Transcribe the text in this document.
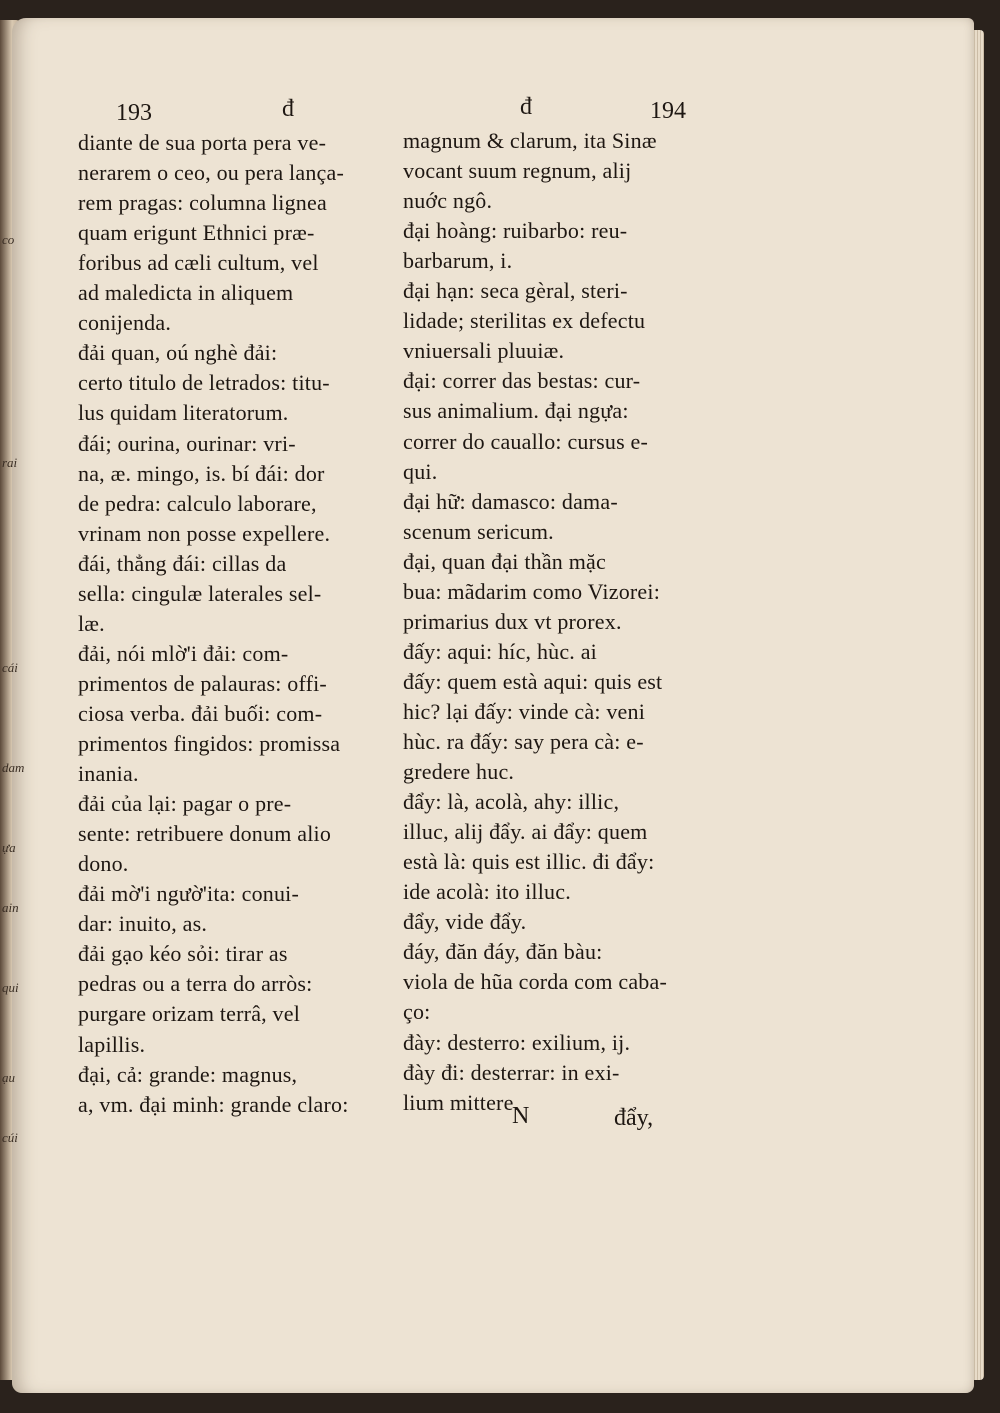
co
rai
cái
dam
ựa
ain
qui
ạu
cúi
193	đ	đ	194
N	đẩy,
diante de sua porta pera ve-
nerarem o ceo, ou pera lança-
rem pragas: columna lignea
quam erigunt Ethnici præ-
foribus ad cæli cultum, vel
ad maledicta in aliquem
conijenda.
đải quan, oú nghè đải:
certo titulo de letrados: titu-
lus quidam literatorum.
đái; ourina, ourinar: vri-
na, æ. mingo, is. bí đái: dor
de pedra: calculo laborare,
vrinam non posse expellere.
đái, thẳng đái: cillas da
sella: cingulæ laterales sel-
læ.
đải, nói mlờ'i đải: com-
primentos de palauras: offi-
ciosa verba. đải buối: com-
primentos fingidos: promissa
inania.
đải của lại: pagar o pre-
sente: retribuere donum alio
dono.
đải mờ'i ngườ'ita: conui-
dar: inuito, as.
đải gạo kéo sỏi: tirar as
pedras ou a terra do arròs:
purgare orizam terrâ, vel
lapillis.
đại, cả: grande: magnus,
a, vm. đại minh: grande claro:
magnum & clarum, ita Sinæ
vocant suum regnum, alij
nuớc ngô.
đại hoàng: ruibarbo: reu-
barbarum, i.
đại hạn: seca gèral, steri-
lidade; sterilitas ex defectu
vniuersali pluuiæ.
đại: correr das bestas: cur-
sus animalium. đại ngựa:
correr do cauallo: cursus e-
qui.
đại hữ: damasco: dama-
scenum sericum.
đại, quan đại thần mặc
bua: mãdarim como Vizorei:
primarius dux vt prorex.
đấy: aqui: híc, hùc. ai
đấy: quem està aqui: quis est
hic? lại đấy: vinde cà: veni
hùc. ra đấy: say pera cà: e-
gredere huc.
đẩy: là, acolà, ahy: illic,
illuc, alij đẩy. ai đẩy: quem
està là: quis est illic. đi đẩy:
ide acolà: ito illuc.
đẩy, vide đẩy.
đáy, đăn đáy, đăn bàu:
viola de hũa corda com caba-
ço:
đày: desterro: exilium, ij.
đày đi: desterrar: in exi-
lium mittere.
